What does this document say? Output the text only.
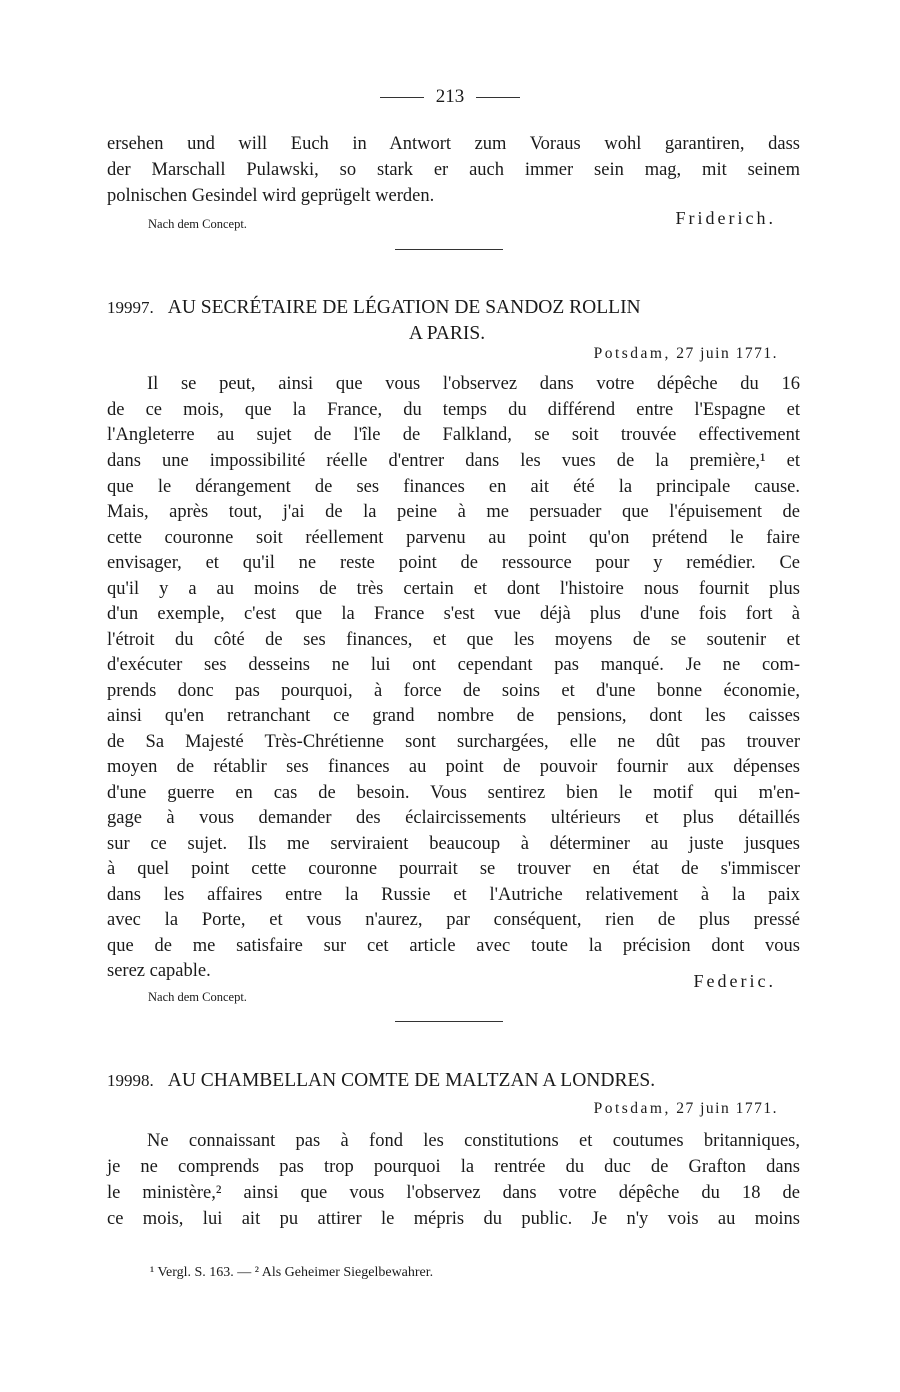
213
ersehen und will Euch in Antwort zum Voraus wohl garantiren, dass
der Marschall Pulawski, so stark er auch immer sein mag, mit seinem
polnischen Gesindel wird geprügelt werden.
Nach dem Concept.	Friderich.
19997. AU SECRÉTAIRE DE LÉGATION DE SANDOZ ROLLIN
A PARIS.
Potsdam, 27 juin 1771.
Il se peut, ainsi que vous l'observez dans votre dépêche du 16
de ce mois, que la France, du temps du différend entre l'Espagne et
l'Angleterre au sujet de l'île de Falkland, se soit trouvée effectivement
dans une impossibilité réelle d'entrer dans les vues de la première,¹ et
que le dérangement de ses finances en ait été la principale cause.
Mais, après tout, j'ai de la peine à me persuader que l'épuisement de
cette couronne soit réellement parvenu au point qu'on prétend le faire
envisager, et qu'il ne reste point de ressource pour y remédier. Ce
qu'il y a au moins de très certain et dont l'histoire nous fournit plus
d'un exemple, c'est que la France s'est vue déjà plus d'une fois fort à
l'étroit du côté de ses finances, et que les moyens de se soutenir et
d'exécuter ses desseins ne lui ont cependant pas manqué. Je ne com-
prends donc pas pourquoi, à force de soins et d'une bonne économie,
ainsi qu'en retranchant ce grand nombre de pensions, dont les caisses
de Sa Majesté Très-Chrétienne sont surchargées, elle ne dût pas trouver
moyen de rétablir ses finances au point de pouvoir fournir aux dépenses
d'une guerre en cas de besoin. Vous sentirez bien le motif qui m'en-
gage à vous demander des éclaircissements ultérieurs et plus détaillés
sur ce sujet. Ils me serviraient beaucoup à déterminer au juste jusques
à quel point cette couronne pourrait se trouver en état de s'immiscer
dans les affaires entre la Russie et l'Autriche relativement à la paix
avec la Porte, et vous n'aurez, par conséquent, rien de plus pressé
que de me satisfaire sur cet article avec toute la précision dont vous
serez capable.	Federic.
Nach dem Concept.
19998. AU CHAMBELLAN COMTE DE MALTZAN A LONDRES.
Potsdam, 27 juin 1771.
Ne connaissant pas à fond les constitutions et coutumes britanniques,
je ne comprends pas trop pourquoi la rentrée du duc de Grafton dans
le ministère,² ainsi que vous l'observez dans votre dépêche du 18 de
ce mois, lui ait pu attirer le mépris du public. Je n'y vois au moins
¹ Vergl. S. 163. — ² Als Geheimer Siegelbewahrer.
